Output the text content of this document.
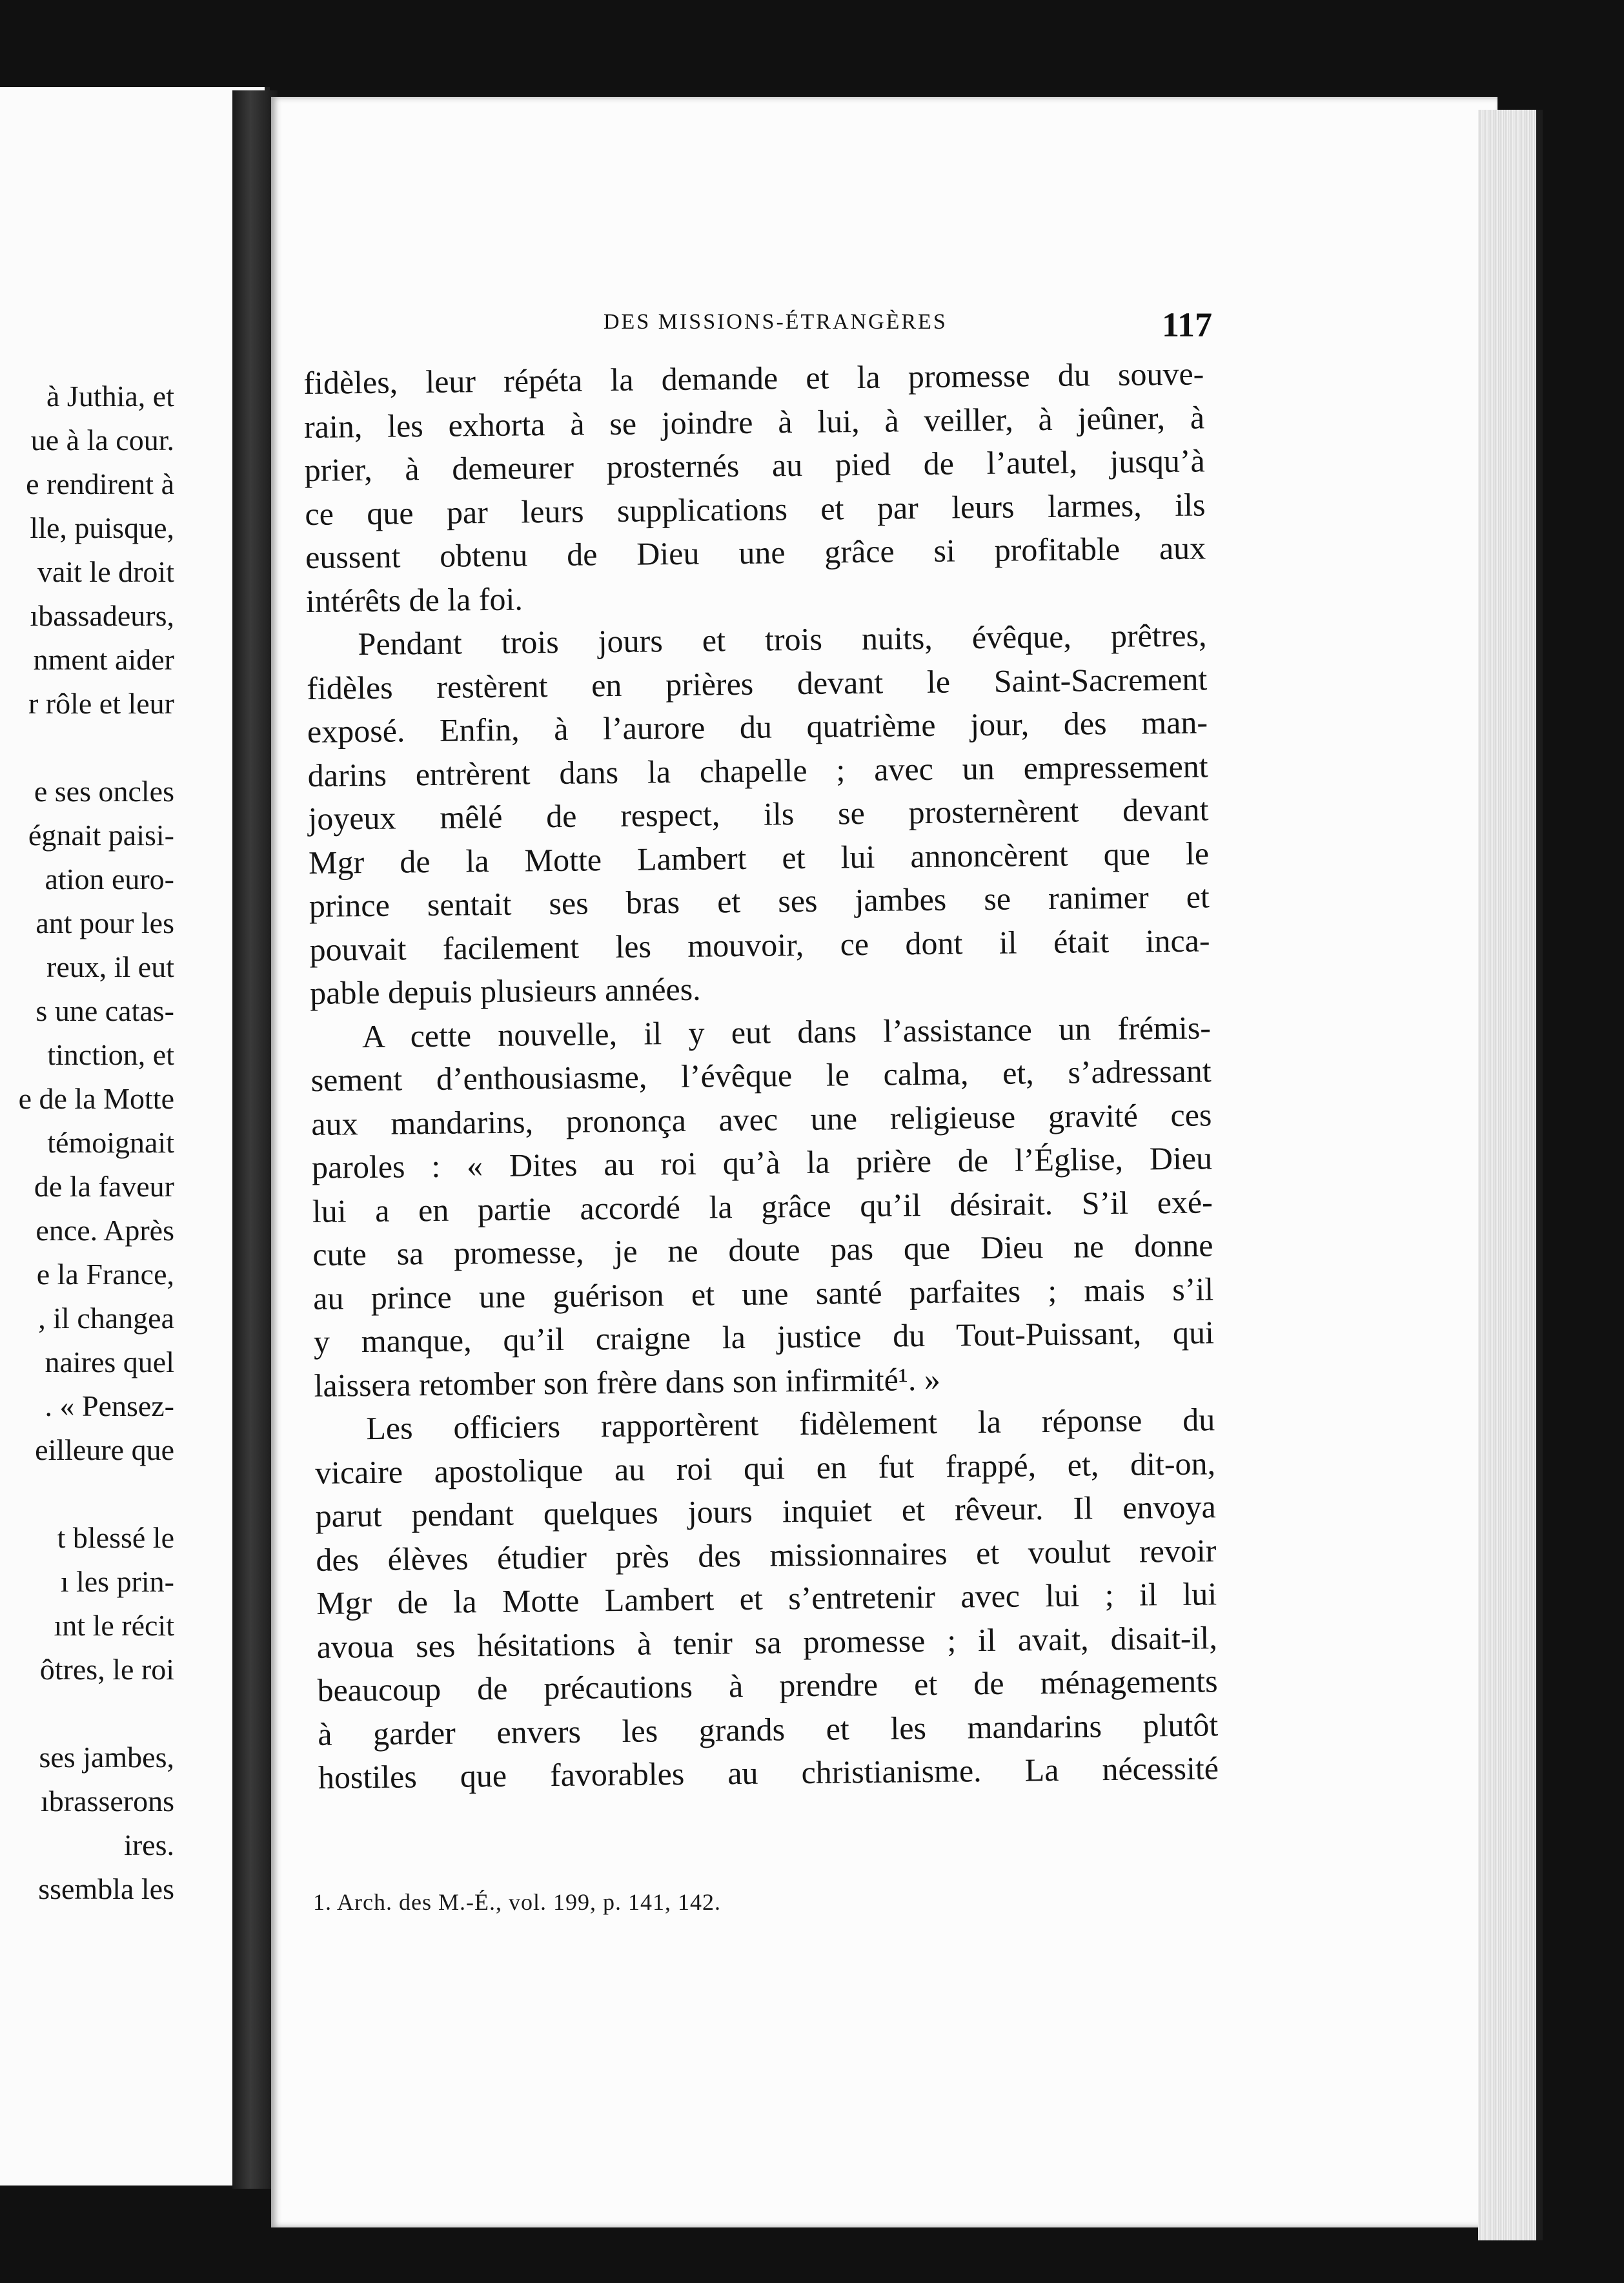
à Juthia, et
ue à la cour.
e rendirent à
lle, puisque,
vait le droit
ıbassadeurs,
nment aider
r rôle et leur
e ses oncles
égnait paisi-
ation euro-
ant pour les
reux, il eut
s une catas-
tinction, et
e de la Motte
témoignait
de la faveur
ence. Après
e la France,
, il changea
naires quel
. « Pensez-
eilleure que
t blessé le
ı les prin-
ınt le récit
ôtres, le roi
ses jambes,
ıbrasserons
ires.
ssembla les
DES MISSIONS-ÉTRANGÈRES	117
fidèles, leur répéta la demande et la promesse du souve-
rain, les exhorta à se joindre à lui, à veiller, à jeûner, à
prier, à demeurer prosternés au pied de l’autel, jusqu’à
ce que par leurs supplications et par leurs larmes, ils
eussent obtenu de Dieu une grâce si profitable aux
intérêts de la foi.
Pendant trois jours et trois nuits, évêque, prêtres,
fidèles restèrent en prières devant le Saint-Sacrement
exposé. Enfin, à l’aurore du quatrième jour, des man-
darins entrèrent dans la chapelle ; avec un empressement
joyeux mêlé de respect, ils se prosternèrent devant
Mgr de la Motte Lambert et lui annoncèrent que le
prince sentait ses bras et ses jambes se ranimer et
pouvait facilement les mouvoir, ce dont il était inca-
pable depuis plusieurs années.
A cette nouvelle, il y eut dans l’assistance un frémis-
sement d’enthousiasme, l’évêque le calma, et, s’adressant
aux mandarins, prononça avec une religieuse gravité ces
paroles : « Dites au roi qu’à la prière de l’Église, Dieu
lui a en partie accordé la grâce qu’il désirait. S’il exé-
cute sa promesse, je ne doute pas que Dieu ne donne
au prince une guérison et une santé parfaites ; mais s’il
y manque, qu’il craigne la justice du Tout-Puissant, qui
laissera retomber son frère dans son infirmité¹. »
Les officiers rapportèrent fidèlement la réponse du
vicaire apostolique au roi qui en fut frappé, et, dit-on,
parut pendant quelques jours inquiet et rêveur. Il envoya
des élèves étudier près des missionnaires et voulut revoir
Mgr de la Motte Lambert et s’entretenir avec lui ; il lui
avoua ses hésitations à tenir sa promesse ; il avait, disait-il,
beaucoup de précautions à prendre et de ménagements
à garder envers les grands et les mandarins plutôt
hostiles que favorables au christianisme. La nécessité
1. Arch. des M.-É., vol. 199, p. 141, 142.
